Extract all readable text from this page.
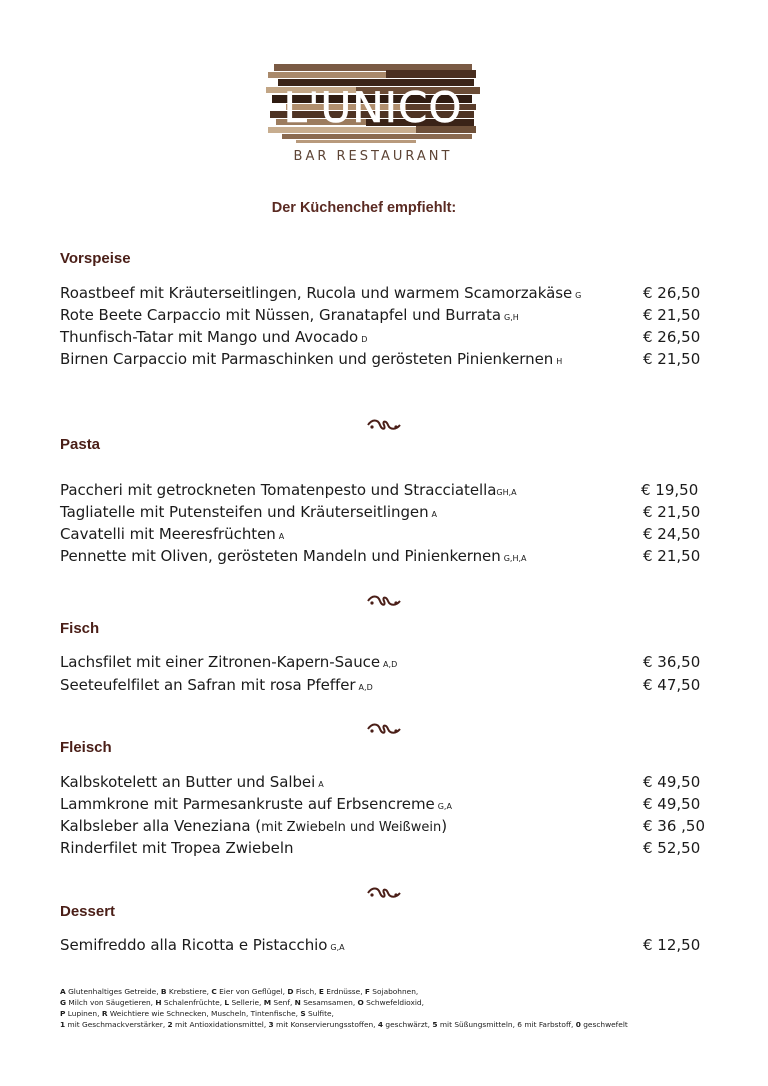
L'UNICO
BAR RESTAURANT
Der Küchenchef empfiehlt:
Vorspeise
Roastbeef mit Kräuterseitlingen, Rucola und warmem Scamorzakäse G	€ 26,50
Rote Beete Carpaccio mit Nüssen, Granatapfel und Burrata G,H	€ 21,50
Thunfisch-Tatar mit Mango und Avocado D	€ 26,50
Birnen Carpaccio mit Parmaschinken und gerösteten Pinienkernen H	€ 21,50
Pasta
Paccheri mit getrockneten Tomatenpesto und StracciatellaGH,A	€ 19,50
Tagliatelle mit Putensteifen und Kräuterseitlingen A	€ 21,50
Cavatelli mit Meeresfrüchten A	€ 24,50
Pennette mit Oliven, gerösteten Mandeln und Pinienkernen G,H,A	€ 21,50
Fisch
Lachsfilet mit einer Zitronen-Kapern-Sauce A,D	€ 36,50
Seeteufelfilet an Safran mit rosa Pfeffer A,D	€ 47,50
Fleisch
Kalbskotelett an Butter und Salbei A	€ 49,50
Lammkrone mit Parmesankruste auf Erbsencreme G,A	€ 49,50
Kalbsleber alla Veneziana (mit Zwiebeln und Weißwein)	€ 36 ,50
Rinderfilet mit Tropea Zwiebeln	€ 52,50
Dessert
Semifreddo alla Ricotta e Pistacchio G,A	€ 12,50
A Glutenhaltiges Getreide, B Krebstiere, C Eier von Geflügel, D Fisch, E Erdnüsse, F Sojabohnen,
G Milch von Säugetieren, H Schalenfrüchte, L Sellerie, M Senf, N Sesamsamen, O Schwefeldioxid,
P Lupinen, R Weichtiere wie Schnecken, Muscheln, Tintenfische, S Sulfite,
1 mit Geschmackverstärker, 2 mit Antioxidationsmittel, 3 mit Konservierungsstoffen, 4 geschwärzt, 5 mit Süßungsmitteln, 6 mit Farbstoff, 0 geschwefelt
